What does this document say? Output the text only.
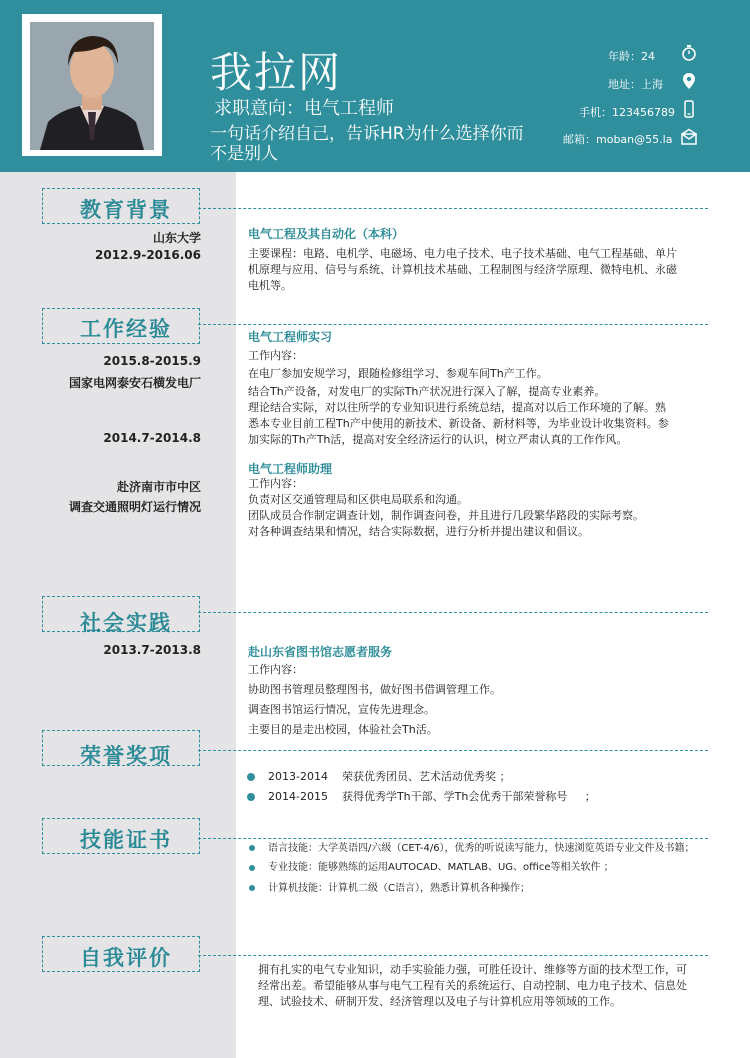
我拉网
求职意向：电气工程师
一句话介绍自己，告诉HR为什么选择你而不是别人
年龄：24
地址：上海
手机：123456789
邮箱：moban@55.la
教育背景
山东大学
2012.9-2016.06
电气工程及其自动化（本科）
主要课程：电路、电机学、电磁场、电力电子技术、电子技术基础、电气工程基础、单片
机原理与应用、信号与系统、计算机技术基础、工程制图与经济学原理、微特电机、永磁
电机等。
工作经验
2015.8-2015.9
国家电网泰安石横发电厂
电气工程师实习
工作内容：
在电厂参加安规学习，跟随检修组学习、参观车间Th产工作。
结合Th产设备，对发电厂的实际Th产状况进行深入了解，提高专业素养。
理论结合实际，对以往所学的专业知识进行系统总结，提高对以后工作环境的了解。熟
悉本专业目前工程Th产中使用的新技术、新设备、新材料等，为毕业设计收集资料。参
加实际的Th产Th活，提高对安全经济运行的认识，树立严肃认真的工作作风。
2014.7-2014.8
赴济南市市中区
调查交通照明灯运行情况
电气工程师助理
工作内容：
负责对区交通管理局和区供电局联系和沟通。
团队成员合作制定调查计划，制作调查问卷，并且进行几段繁华路段的实际考察。
对各种调查结果和情况，结合实际数据，进行分析并提出建议和倡议。
社会实践
2013.7-2013.8	赴山东省图书馆志愿者服务
工作内容：
协助图书管理员整理图书，做好图书借调管理工作。
调查图书馆运行情况，宣传先进理念。
主要目的是走出校园，体验社会Th活。
荣誉奖项
2013-2014    荣获优秀团员、艺术活动优秀奖 ；
2014-2015    获得优秀学Th干部、学Th会优秀干部荣誉称号     ；
技能证书	语言技能：大学英语四/六级（CET-4/6），优秀的听说读写能力，快速浏览英语专业文件及书籍；
专业技能：能够熟练的运用AUTOCAD、MATLAB、UG、office等相关软件 ；
计算机技能：计算机二级（C语言），熟悉计算机各种操作；
自我评价	拥有扎实的电气专业知识，动手实验能力强，可胜任设计、维修等方面的技术型工作，可
经常出差。希望能够从事与电气工程有关的系统运行、自动控制、电力电子技术、信息处
理、试验技术、研制开发、经济管理以及电子与计算机应用等领域的工作。
